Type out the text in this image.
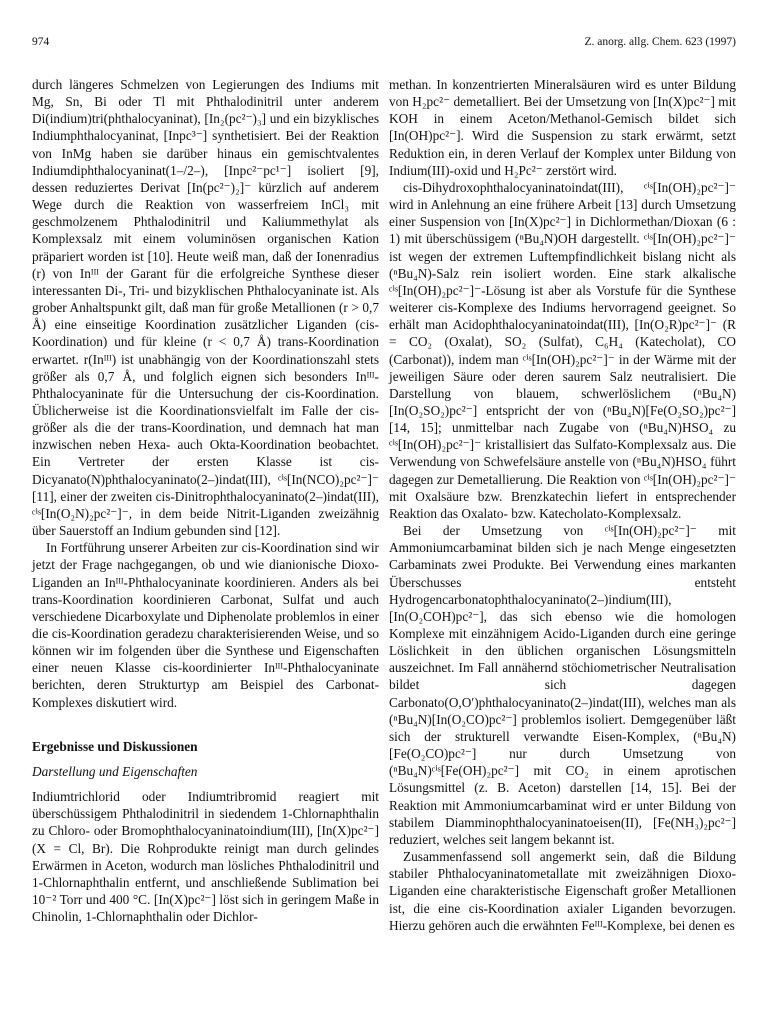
974	Z. anorg. allg. Chem. 623 (1997)

durch längeres Schmelzen von Legierungen des Indiums mit Mg, Sn, Bi oder Tl mit Phthalodinitril unter anderem Di(indium)tri(phthalocyaninat), [In₂(pc²⁻)₃] und ein bizyklisches Indiumphthalocyaninat, [Inpc³⁻] synthetisiert. Bei der Reaktion von InMg haben sie darüber hinaus ein gemischtvalentes Indiumdiphthalocyaninat(1–/2–), [Inpc²⁻pc¹⁻] isoliert [9], dessen reduziertes Derivat [In(pc²⁻)₂]⁻ kürzlich auf anderem Wege durch die Reaktion von wasserfreiem InCl₃ mit geschmolzenem Phthalodinitril und Kaliummethylat als Komplexsalz mit einem voluminösen organischen Kation präpariert worden ist [10]. Heute weiß man, daß der Ionenradius (r) von Inᴵᴵᴵ der Garant für die erfolgreiche Synthese dieser interessanten Di-, Tri- und bizyklischen Phthalocyaninate ist. Als grober Anhaltspunkt gilt, daß man für große Metallionen (r > 0,7 Å) eine einseitige Koordination zusätzlicher Liganden (cis-Koordination) und für kleine (r < 0,7 Å) trans-Koordination erwartet. r(Inᴵᴵᴵ) ist unabhängig von der Koordinationszahl stets größer als 0,7 Å, und folglich eignen sich besonders Inᴵᴵᴵ-Phthalocyaninate für die Untersuchung der cis-Koordination. Üblicherweise ist die Koordinationsvielfalt im Falle der cis- größer als die der trans-Koordination, und demnach hat man inzwischen neben Hexa- auch Okta-Koordination beobachtet. Ein Vertreter der ersten Klasse ist cis-Dicyanato(N)phthalocyaninato(2–)indat(III), ᶜⁱˢ[In(NCO)₂pc²⁻]⁻ [11], einer der zweiten cis-Dinitrophthalocyaninato(2–)indat(III), ᶜⁱˢ[In(O₂N)₂pc²⁻]⁻, in dem beide Nitrit-Liganden zweizähnig über Sauerstoff an Indium gebunden sind [12].

In Fortführung unserer Arbeiten zur cis-Koordination sind wir jetzt der Frage nachgegangen, ob und wie dianionische Dioxo-Liganden an Inᴵᴵᴵ-Phthalocyaninate koordinieren. Anders als bei trans-Koordination koordinieren Carbonat, Sulfat und auch verschiedene Dicarboxylate und Diphenolate problemlos in einer die cis-Koordination geradezu charakterisierenden Weise, und so können wir im folgenden über die Synthese und Eigenschaften einer neuen Klasse cis-koordinierter Inᴵᴵᴵ-Phthalocyaninate berichten, deren Strukturtyp am Beispiel des Carbonat-Komplexes diskutiert wird.

Ergebnisse und Diskussionen

Darstellung und Eigenschaften

Indiumtrichlorid oder Indiumtribromid reagiert mit überschüssigem Phthalodinitril in siedendem 1-Chlornaphthalin zu Chloro- oder Bromophthalocyaninatoindium(III), [In(X)pc²⁻] (X = Cl, Br). Die Rohprodukte reinigt man durch gelindes Erwärmen in Aceton, wodurch man lösliches Phthalodinitril und 1-Chlornaphthalin entfernt, und anschließende Sublimation bei 10⁻² Torr und 400 °C. [In(X)pc²⁻] löst sich in geringem Maße in Chinolin, 1-Chlornaphthalin oder Dichlor-

methan. In konzentrierten Mineralsäuren wird es unter Bildung von H₂pc²⁻ demetalliert. Bei der Umsetzung von [In(X)pc²⁻] mit KOH in einem Aceton/Methanol-Gemisch bildet sich [In(OH)pc²⁻]. Wird die Suspension zu stark erwärmt, setzt Reduktion ein, in deren Verlauf der Komplex unter Bildung von Indium(III)-oxid und H₂Pc²⁻ zerstört wird.

cis-Dihydroxophthalocyaninatoindat(III), ᶜⁱˢ[In(OH)₂pc²⁻]⁻ wird in Anlehnung an eine frühere Arbeit [13] durch Umsetzung einer Suspension von [In(X)pc²⁻] in Dichlormethan/Dioxan (6 : 1) mit überschüssigem (ⁿBu₄N)OH dargestellt. ᶜⁱˢ[In(OH)₂pc²⁻]⁻ ist wegen der extremen Luftempfindlichkeit bislang nicht als (ⁿBu₄N)-Salz rein isoliert worden. Eine stark alkalische ᶜⁱˢ[In(OH)₂pc²⁻]⁻-Lösung ist aber als Vorstufe für die Synthese weiterer cis-Komplexe des Indiums hervorragend geeignet. So erhält man Acidophthalocyaninatoindat(III), [In(O₂R)pc²⁻]⁻ (R = CO₂ (Oxalat), SO₂ (Sulfat), C₆H₄ (Katecholat), CO (Carbonat)), indem man ᶜⁱˢ[In(OH)₂pc²⁻]⁻ in der Wärme mit der jeweiligen Säure oder deren saurem Salz neutralisiert. Die Darstellung von blauem, schwerlöslichem (ⁿBu₄N)[In(O₂SO₂)pc²⁻] entspricht der von (ⁿBu₄N)[Fe(O₂SO₂)pc²⁻] [14, 15]; unmittelbar nach Zugabe von (ⁿBu₄N)HSO₄ zu ᶜⁱˢ[In(OH)₂pc²⁻]⁻ kristallisiert das Sulfato-Komplexsalz aus. Die Verwendung von Schwefelsäure anstelle von (ⁿBu₄N)HSO₄ führt dagegen zur Demetallierung. Die Reaktion von ᶜⁱˢ[In(OH)₂pc²⁻]⁻ mit Oxalsäure bzw. Brenzkatechin liefert in entsprechender Reaktion das Oxalato- bzw. Katecholato-Komplexsalz.

Bei der Umsetzung von ᶜⁱˢ[In(OH)₂pc²⁻]⁻ mit Ammoniumcarbaminat bilden sich je nach Menge eingesetzten Carbaminats zwei Produkte. Bei Verwendung eines markanten Überschusses entsteht Hydrogencarbonatophthalocyaninato(2–)indium(III), [In(O₂COH)pc²⁻], das sich ebenso wie die homologen Komplexe mit einzähnigem Acido-Liganden durch eine geringe Löslichkeit in den üblichen organischen Lösungsmitteln auszeichnet. Im Fall annähernd stöchiometrischer Neutralisation bildet sich dagegen Carbonato(O,O′)phthalocyaninato(2–)indat(III), welches man als (ⁿBu₄N)[In(O₂CO)pc²⁻] problemlos isoliert. Demgegenüber läßt sich der strukturell verwandte Eisen-Komplex, (ⁿBu₄N)[Fe(O₂CO)pc²⁻] nur durch Umsetzung von (ⁿBu₄N)ᶜⁱˢ[Fe(OH)₂pc²⁻] mit CO₂ in einem aprotischen Lösungsmittel (z. B. Aceton) darstellen [14, 15]. Bei der Reaktion mit Ammoniumcarbaminat wird er unter Bildung von stabilem Diamminophthalocyaninatoeisen(II), [Fe(NH₃)₂pc²⁻] reduziert, welches seit langem bekannt ist.

Zusammenfassend soll angemerkt sein, daß die Bildung stabiler Phthalocyaninatometallate mit zweizähnigen Dioxo-Liganden eine charakteristische Eigenschaft großer Metallionen ist, die eine cis-Koordination axialer Liganden bevorzugen. Hierzu gehören auch die erwähnten Feᴵᴵᴵ-Komplexe, bei denen es
